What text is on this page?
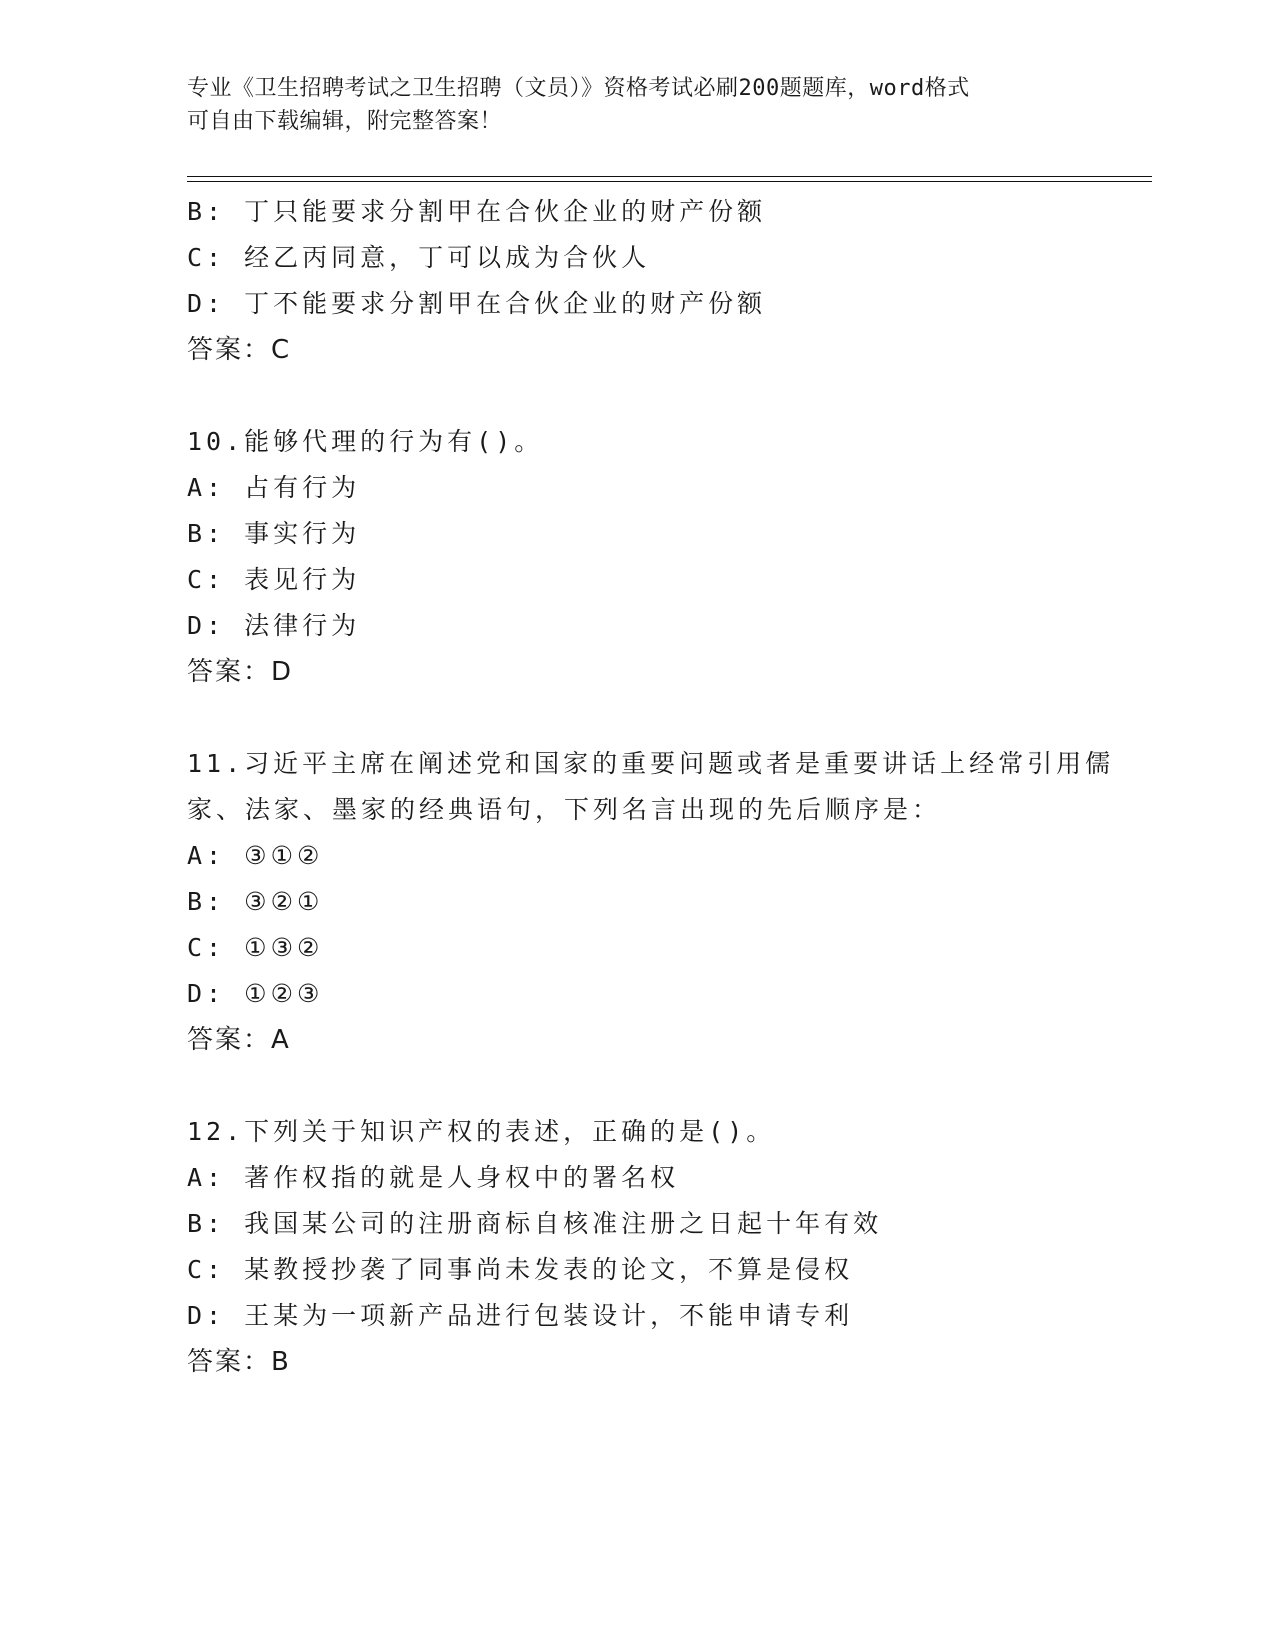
专业《卫生招聘考试之卫生招聘（文员）》资格考试必刷200题题库，word格式
可自由下载编辑，附完整答案！
B: 丁只能要求分割甲在合伙企业的财产份额
C: 经乙丙同意，丁可以成为合伙人
D: 丁不能要求分割甲在合伙企业的财产份额
答案：C
10.能够代理的行为有()。
A: 占有行为
B: 事实行为
C: 表见行为
D: 法律行为
答案：D
11.习近平主席在阐述党和国家的重要问题或者是重要讲话上经常引用儒家、法家、墨家的经典语句，下列名言出现的先后顺序是：
A: ③①②
B: ③②①
C: ①③②
D: ①②③
答案：A
12.下列关于知识产权的表述，正确的是()。
A: 著作权指的就是人身权中的署名权
B: 我国某公司的注册商标自核准注册之日起十年有效
C: 某教授抄袭了同事尚未发表的论文，不算是侵权
D: 王某为一项新产品进行包装设计，不能申请专利
答案：B
